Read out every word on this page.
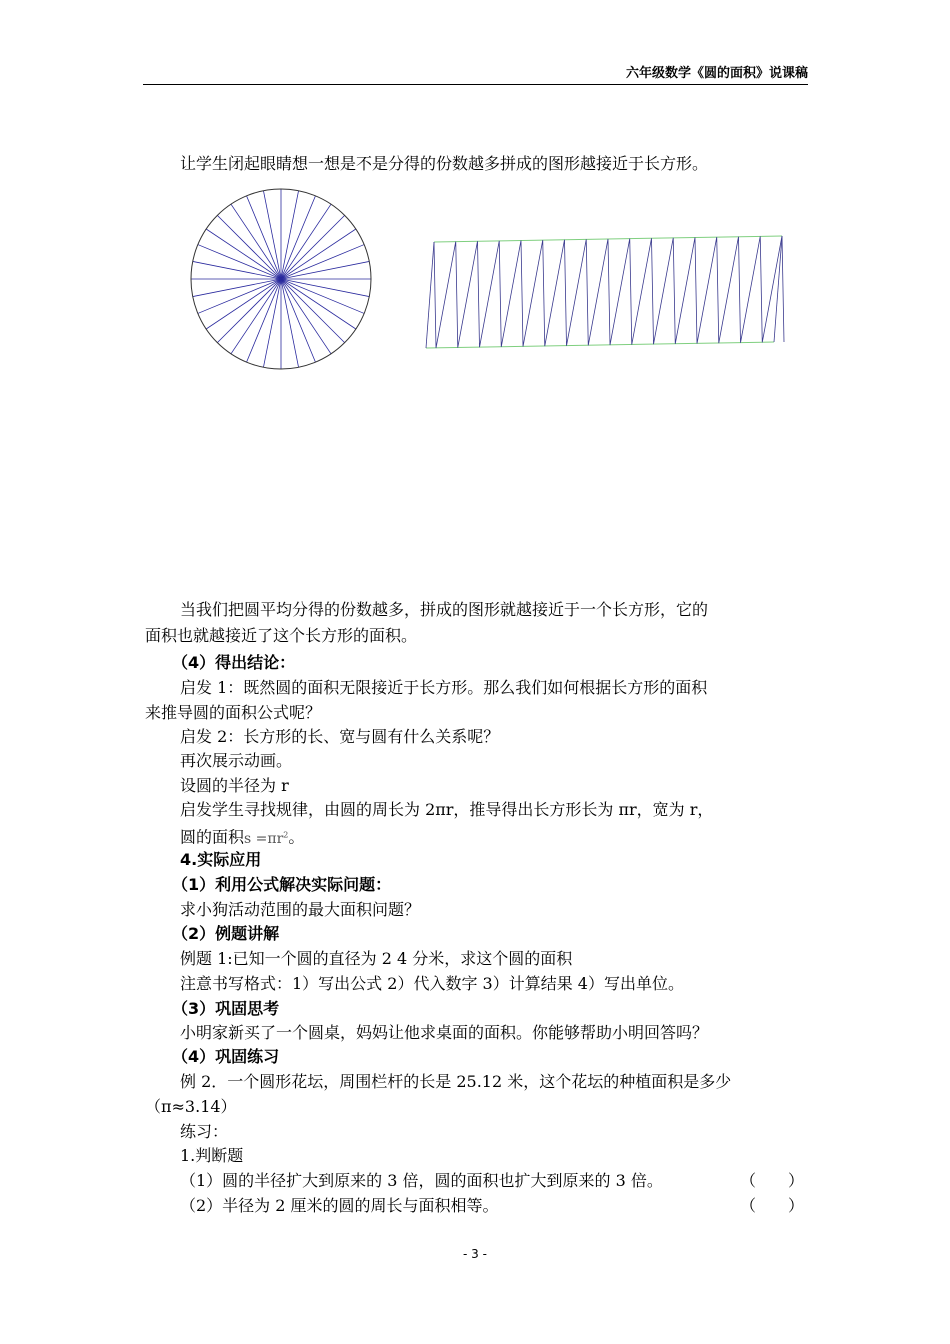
六年级数学《圆的面积》说课稿
让学生闭起眼睛想一想是不是分得的份数越多拼成的图形越接近于长方形。
当我们把圆平均分得的份数越多，拼成的图形就越接近于一个长方形，它的
面积也就越接近了这个长方形的面积。
（4）得出结论：
启发 1：既然圆的面积无限接近于长方形。那么我们如何根据长方形的面积
来推导圆的面积公式呢？
启发 2：长方形的长、宽与圆有什么关系呢？
再次展示动画。
设圆的半径为 r
启发学生寻找规律，由圆的周长为 2πr，推导得出长方形长为 πr，宽为 r，
圆的面积$s =\pi r^2$。
4.实际应用
（1）利用公式解决实际问题：
求小狗活动范围的最大面积问题？
（2）例题讲解
例题 1:已知一个圆的直径为 2 4 分米，求这个圆的面积
注意书写格式：1）写出公式 2）代入数字 3）计算结果 4）写出单位。
（3）巩固思考
小明家新买了一个圆桌，妈妈让他求桌面的面积。你能够帮助小明回答吗？
（4）巩固练习
例 2．一个圆形花坛，周围栏杆的长是 25.12 米，这个花坛的种植面积是多少
（π≈3.14）
练习：
1.判断题
（1）圆的半径扩大到原来的 3 倍，圆的面积也扩大到原来的 3 倍。	（　　）
（2）半径为 2 厘米的圆的周长与面积相等。	（　　）
- 3 -
